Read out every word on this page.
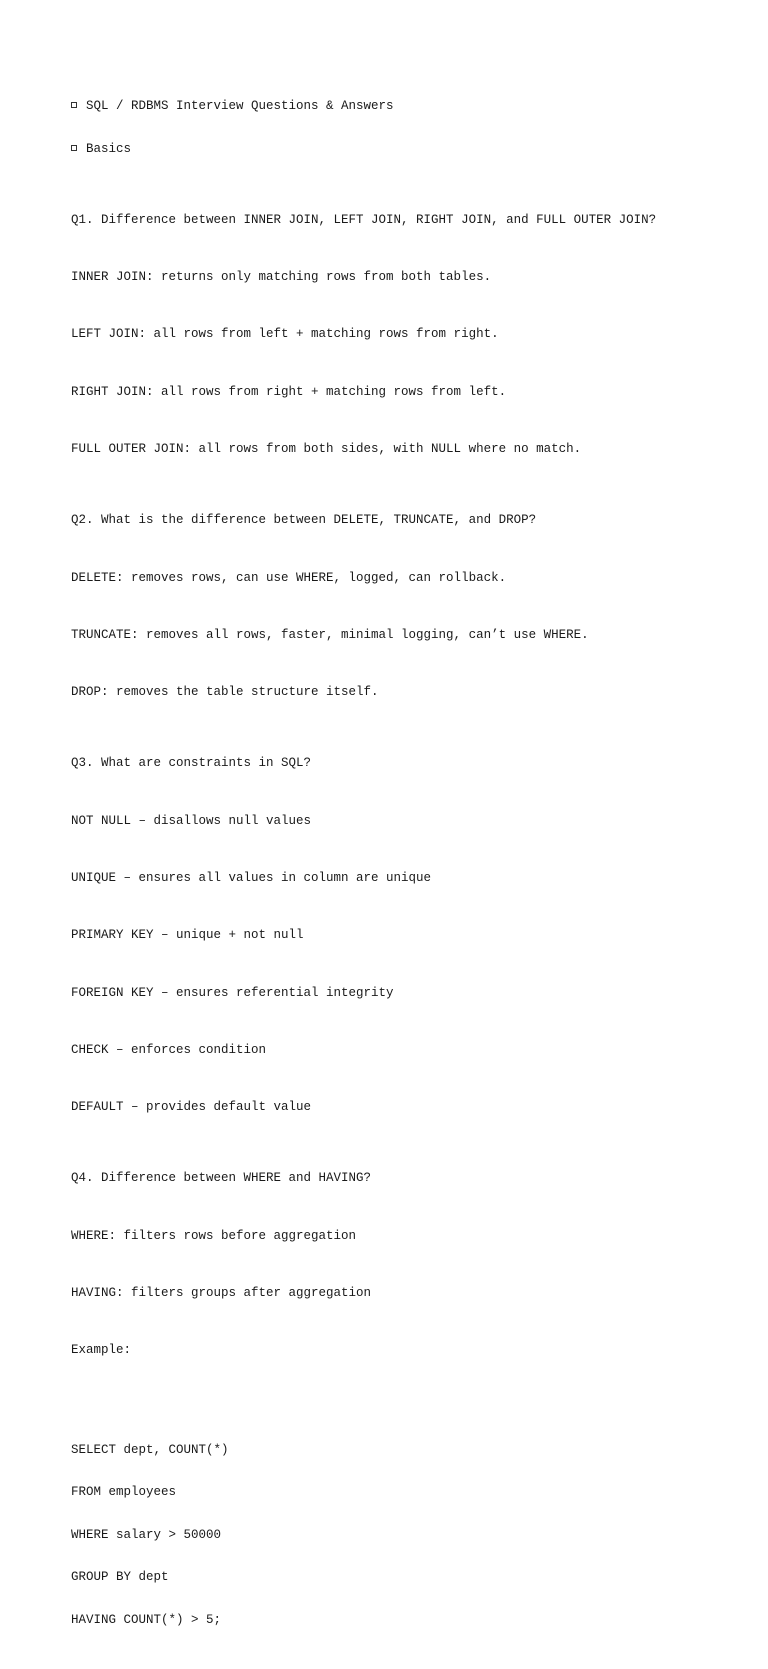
SQL / RDBMS Interview Questions & Answers

Basics

Q1. Difference between INNER JOIN, LEFT JOIN, RIGHT JOIN, and FULL OUTER JOIN?

INNER JOIN: returns only matching rows from both tables.

LEFT JOIN: all rows from left + matching rows from right.

RIGHT JOIN: all rows from right + matching rows from left.

FULL OUTER JOIN: all rows from both sides, with NULL where no match.

Q2. What is the difference between DELETE, TRUNCATE, and DROP?

DELETE: removes rows, can use WHERE, logged, can rollback.

TRUNCATE: removes all rows, faster, minimal logging, can’t use WHERE.

DROP: removes the table structure itself.

Q3. What are constraints in SQL?

NOT NULL – disallows null values

UNIQUE – ensures all values in column are unique

PRIMARY KEY – unique + not null

FOREIGN KEY – ensures referential integrity

CHECK – enforces condition

DEFAULT – provides default value

Q4. Difference between WHERE and HAVING?

WHERE: filters rows before aggregation

HAVING: filters groups after aggregation

Example:

SELECT dept, COUNT(*)

FROM employees

WHERE salary > 50000

GROUP BY dept

HAVING COUNT(*) > 5;
